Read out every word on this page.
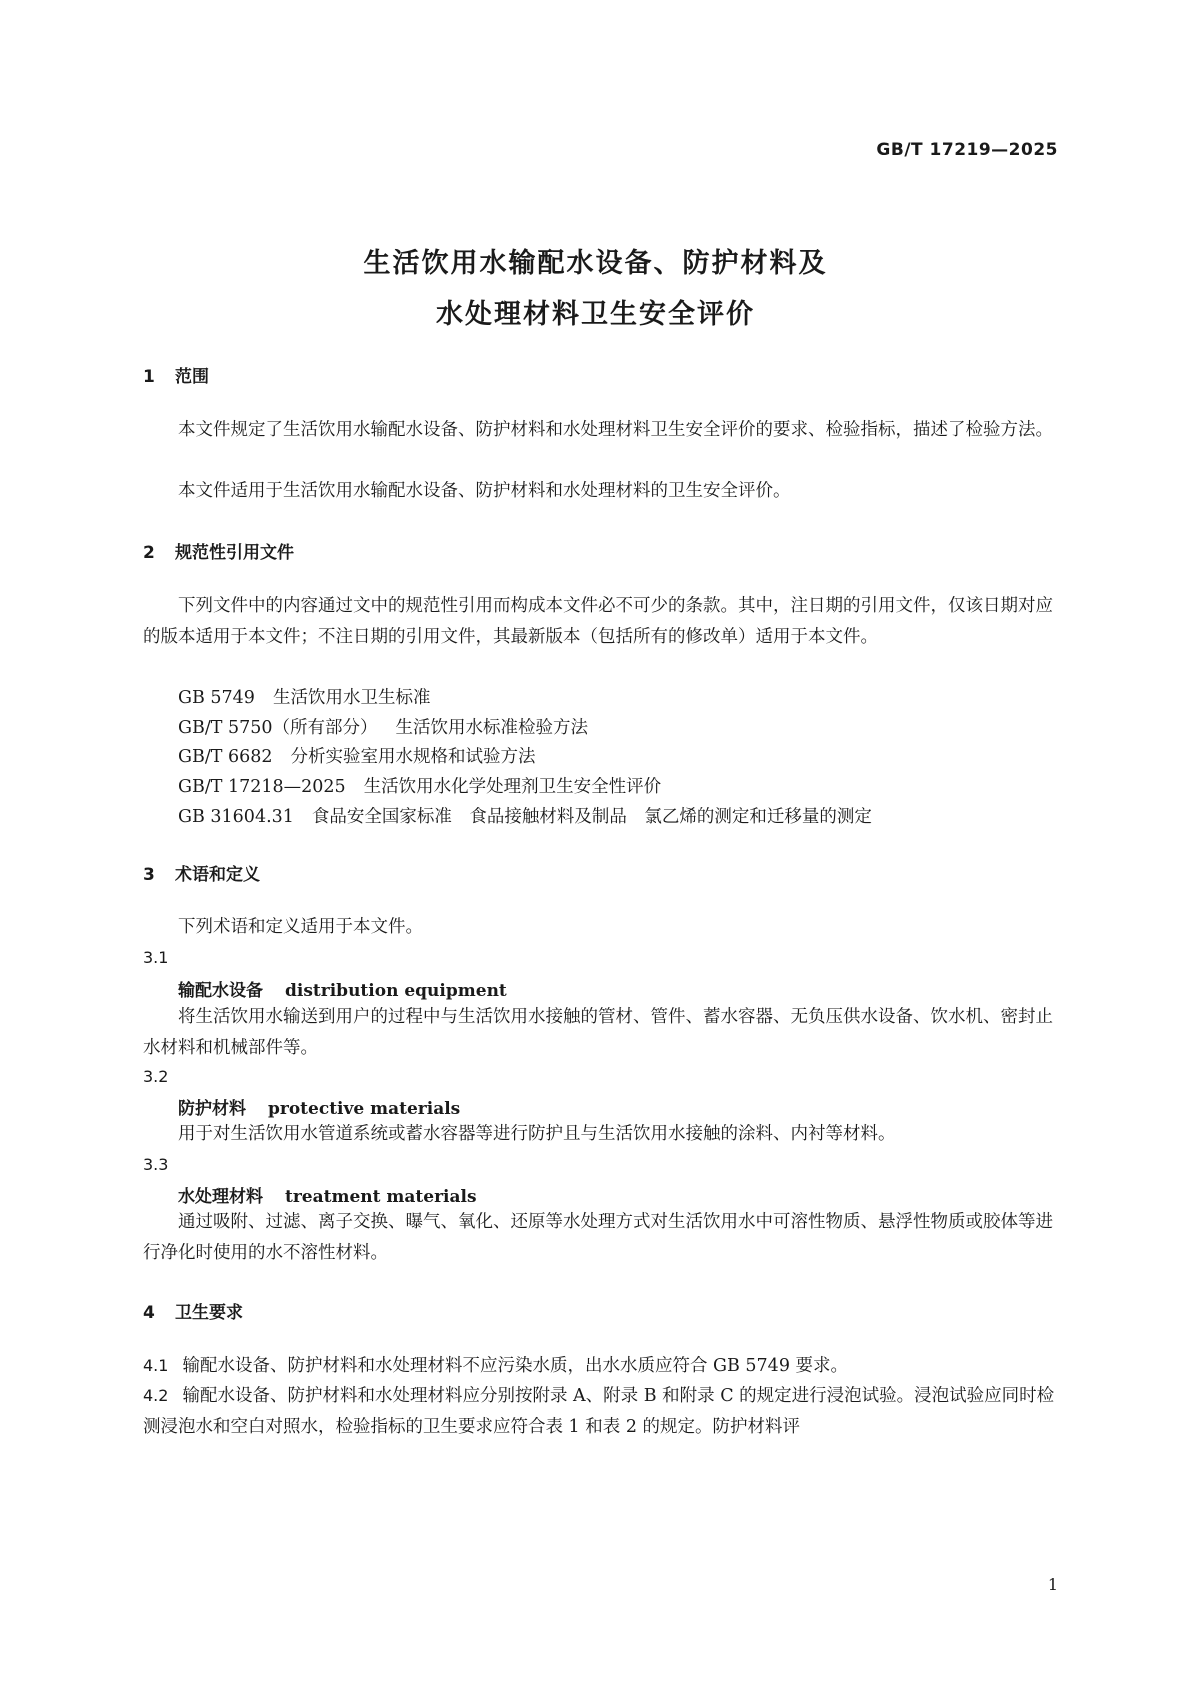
GB/T 17219—2025
生活饮用水输配水设备、防护材料及
水处理材料卫生安全评价
1 范围
本文件规定了生活饮用水输配水设备、防护材料和水处理材料卫生安全评价的要求、检验指标，描述了检验方法。
本文件适用于生活饮用水输配水设备、防护材料和水处理材料的卫生安全评价。
2 规范性引用文件
下列文件中的内容通过文中的规范性引用而构成本文件必不可少的条款。其中，注日期的引用文件，仅该日期对应的版本适用于本文件；不注日期的引用文件，其最新版本（包括所有的修改单）适用于本文件。
GB 5749 生活饮用水卫生标准
GB/T 5750（所有部分） 生活饮用水标准检验方法
GB/T 6682 分析实验室用水规格和试验方法
GB/T 17218—2025 生活饮用水化学处理剂卫生安全性评价
GB 31604.31 食品安全国家标准　食品接触材料及制品　氯乙烯的测定和迁移量的测定
3 术语和定义
下列术语和定义适用于本文件。
3.1
输配水设备 distribution equipment
将生活饮用水输送到用户的过程中与生活饮用水接触的管材、管件、蓄水容器、无负压供水设备、饮水机、密封止水材料和机械部件等。
3.2
防护材料 protective materials
用于对生活饮用水管道系统或蓄水容器等进行防护且与生活饮用水接触的涂料、内衬等材料。
3.3
水处理材料 treatment materials
通过吸附、过滤、离子交换、曝气、氧化、还原等水处理方式对生活饮用水中可溶性物质、悬浮性物质或胶体等进行净化时使用的水不溶性材料。
4 卫生要求
4.1 输配水设备、防护材料和水处理材料不应污染水质，出水水质应符合 GB 5749 要求。
4.2 输配水设备、防护材料和水处理材料应分别按附录 A、附录 B 和附录 C 的规定进行浸泡试验。浸泡试验应同时检测浸泡水和空白对照水，检验指标的卫生要求应符合表 1 和表 2 的规定。防护材料评
1
